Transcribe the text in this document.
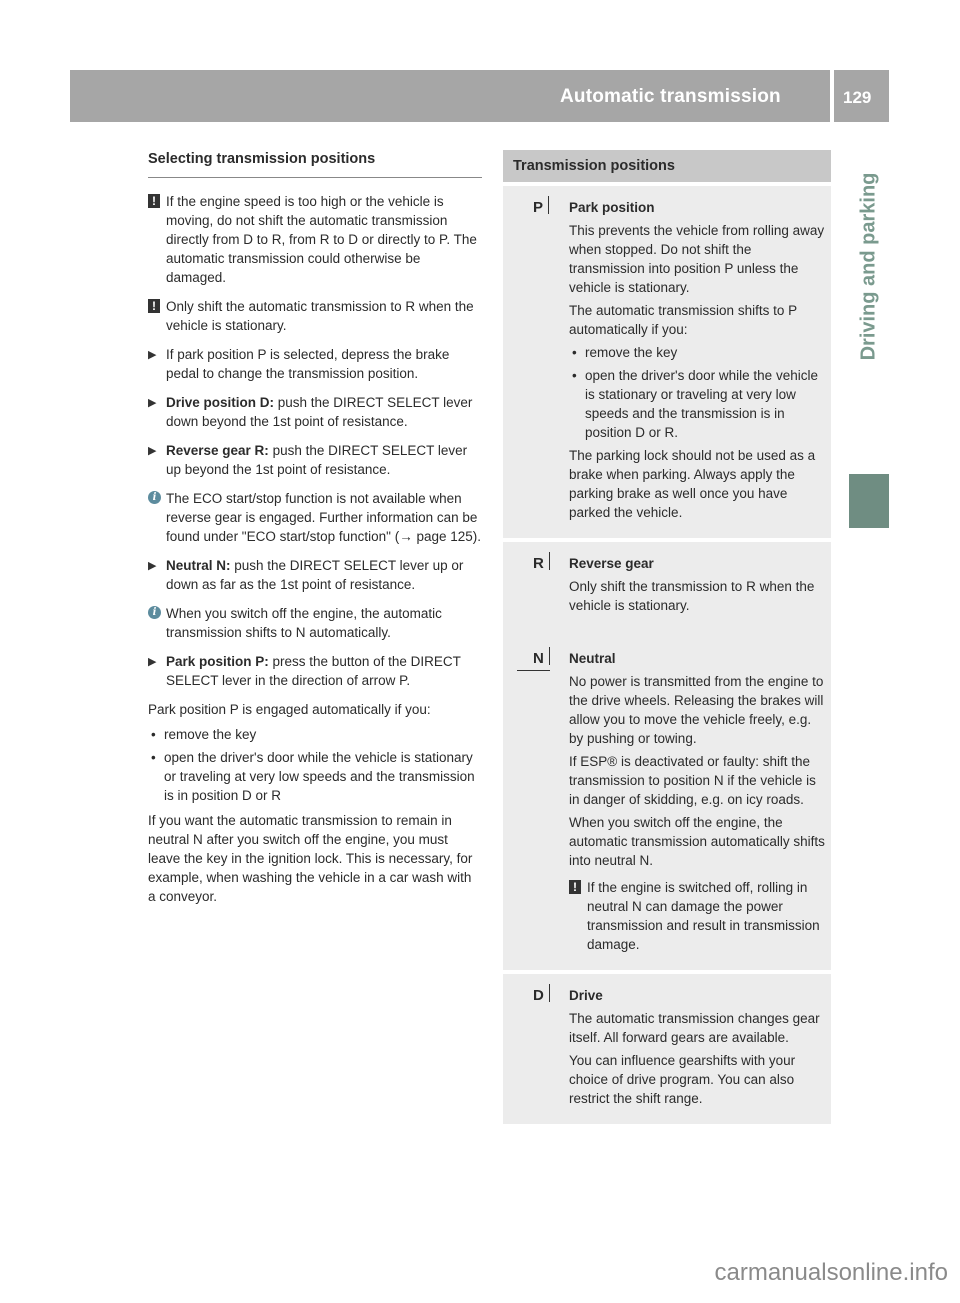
Automatic transmission	129
Driving and parking
Selecting transmission positions
! If the engine speed is too high or the vehicle is moving, do not shift the automatic transmission directly from D to R, from R to D or directly to P. The automatic transmission could otherwise be damaged.
! Only shift the automatic transmission to R when the vehicle is stationary.
▶ If park position P is selected, depress the brake pedal to change the transmission position.
▶ Drive position D: push the DIRECT SELECT lever down beyond the 1st point of resistance.
▶ Reverse gear R: push the DIRECT SELECT lever up beyond the 1st point of resistance.
i The ECO start/stop function is not available when reverse gear is engaged. Further information can be found under "ECO start/stop function" (→ page 125).
▶ Neutral N: push the DIRECT SELECT lever up or down as far as the 1st point of resistance.
i When you switch off the engine, the automatic transmission shifts to N automatically.
▶ Park position P: press the button of the DIRECT SELECT lever in the direction of arrow P.
Park position P is engaged automatically if you:
• remove the key
• open the driver's door while the vehicle is stationary or traveling at very low speeds and the transmission is in position D or R
If you want the automatic transmission to remain in neutral N after you switch off the engine, you must leave the key in the ignition lock. This is necessary, for example, when washing the vehicle in a car wash with a conveyor.
Transmission positions
P	Park position
This prevents the vehicle from rolling away when stopped. Do not shift the transmission into position P unless the vehicle is stationary.
The automatic transmission shifts to P automatically if you:
• remove the key
• open the driver's door while the vehicle is stationary or traveling at very low speeds and the transmission is in position D or R.
The parking lock should not be used as a brake when parking. Always apply the parking brake as well once you have parked the vehicle.
R	Reverse gear
Only shift the transmission to R when the vehicle is stationary.
N	Neutral
No power is transmitted from the engine to the drive wheels. Releasing the brakes will allow you to move the vehicle freely, e.g. by pushing or towing.
If ESP® is deactivated or faulty: shift the transmission to position N if the vehicle is in danger of skidding, e.g. on icy roads.
When you switch off the engine, the automatic transmission automatically shifts into neutral N.
! If the engine is switched off, rolling in neutral N can damage the power transmission and result in transmission damage.
D	Drive
The automatic transmission changes gear itself. All forward gears are available.
You can influence gearshifts with your choice of drive program. You can also restrict the shift range.
carmanualsonline.info
